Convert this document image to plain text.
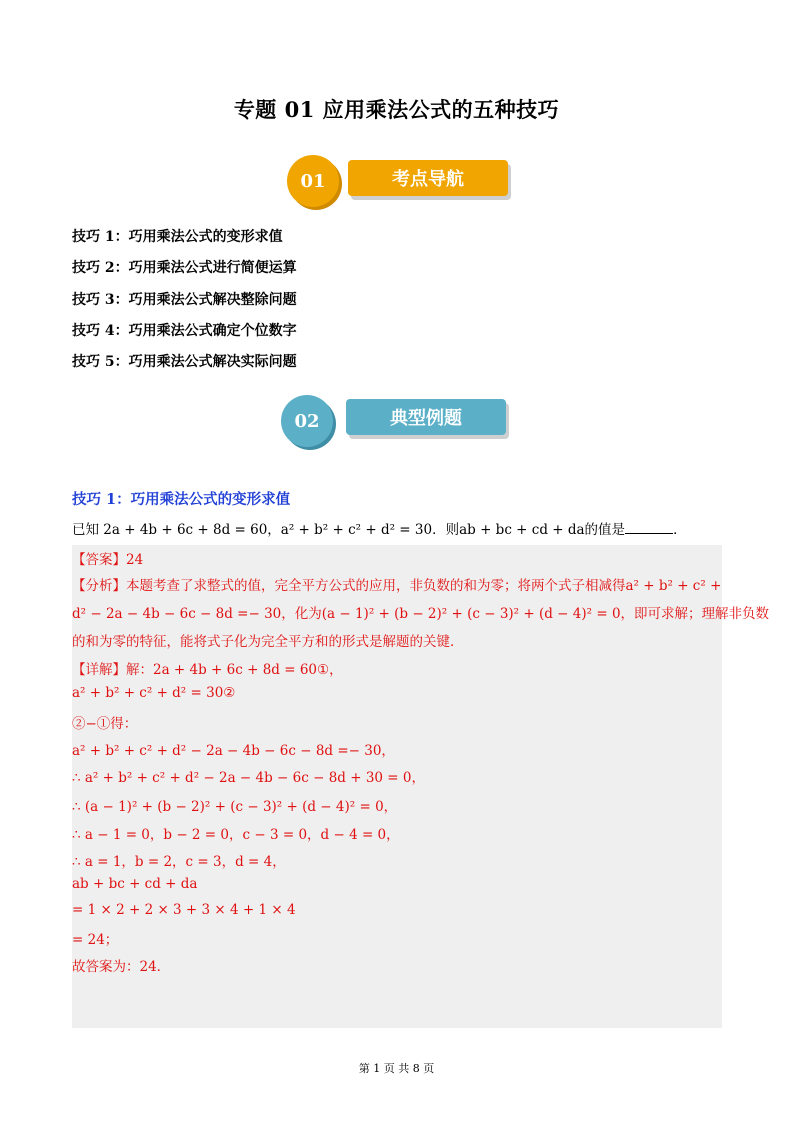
专题 01 应用乘法公式的五种技巧
考点导航
01
技巧 1：巧用乘法公式的变形求值
技巧 2：巧用乘法公式进行简便运算
技巧 3：巧用乘法公式解决整除问题
技巧 4：巧用乘法公式确定个位数字
技巧 5：巧用乘法公式解决实际问题
典型例题
02
技巧 1：巧用乘法公式的变形求值
已知 2a + 4b + 6c + 8d = 60，a² + b² + c² + d² = 30．则ab + bc + cd + da的值是	．
【答案】24
【分析】本题考查了求整式的值，完全平方公式的应用，非负数的和为零；将两个式子相减得a² + b² + c² +
d² − 2a − 4b − 6c − 8d =− 30，化为(a − 1)² + (b − 2)² + (c − 3)² + (d − 4)² = 0，即可求解；理解非负数
的和为零的特征，能将式子化为完全平方和的形式是解题的关键．
【详解】解：2a + 4b + 6c + 8d = 60①，
a² + b² + c² + d² = 30②
②−①得：
a² + b² + c² + d² − 2a − 4b − 6c − 8d =− 30，
∴ a² + b² + c² + d² − 2a − 4b − 6c − 8d + 30 = 0，
∴ (a − 1)² + (b − 2)² + (c − 3)² + (d − 4)² = 0，
∴ a − 1 = 0，b − 2 = 0，c − 3 = 0，d − 4 = 0，
∴ a = 1，b = 2，c = 3，d = 4，
ab + bc + cd + da
= 1 × 2 + 2 × 3 + 3 × 4 + 1 × 4
= 24；
故答案为：24．
第 1 页 共 8 页
